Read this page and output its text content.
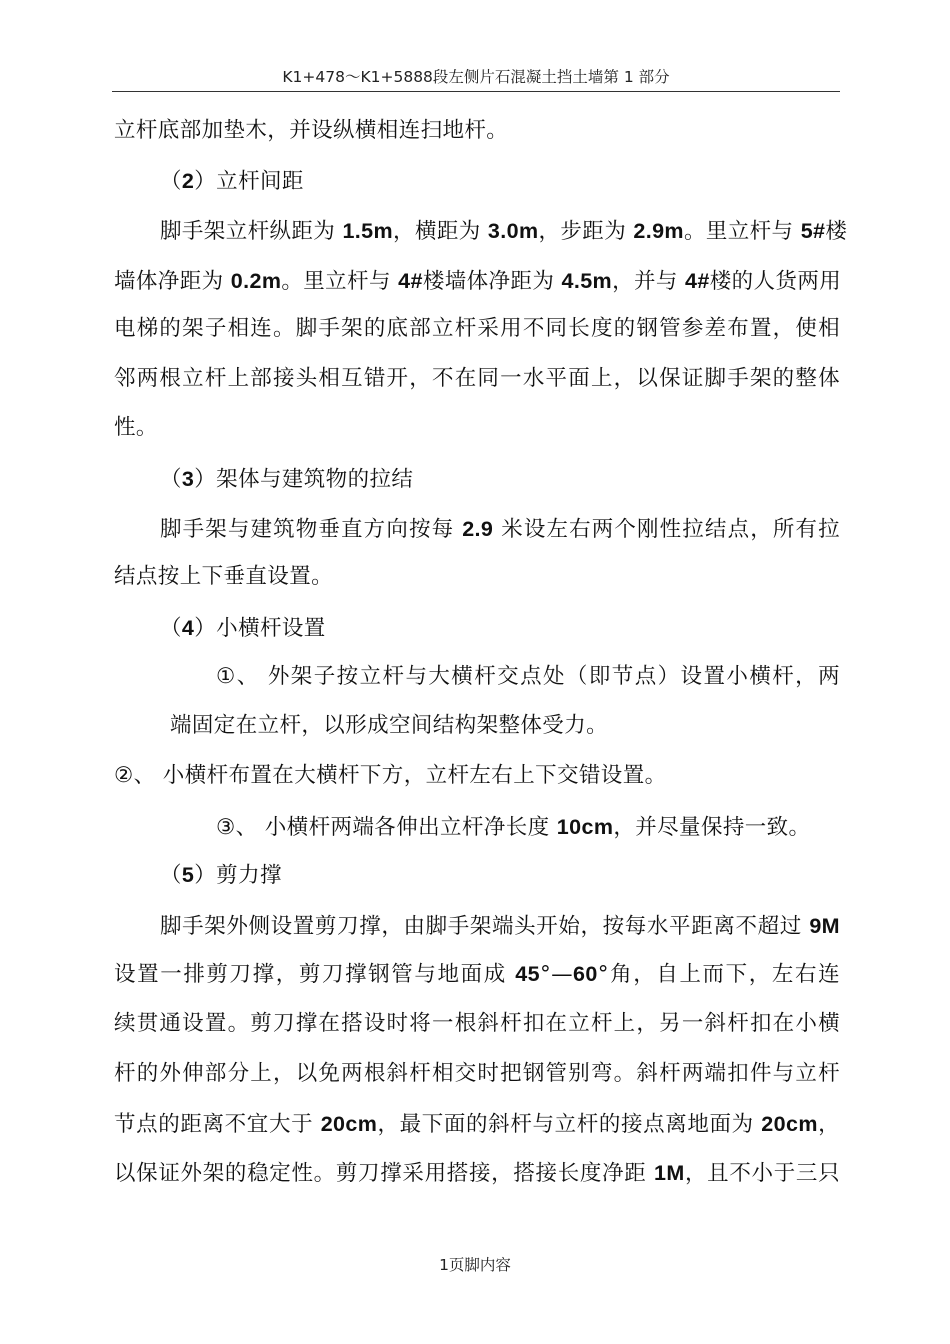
K1+478～K1+5888段左侧片石混凝土挡土墙第 1 部分
立杆底部加垫木，并设纵横相连扫地杆。
（2）立杆间距
脚手架立杆纵距为 1.5m，横距为 3.0m，步距为 2.9m。里立杆与 5#楼
墙体净距为 0.2m。里立杆与 4#楼墙体净距为 4.5m，并与 4#楼的人货两用
电梯的架子相连。脚手架的底部立杆采用不同长度的钢管参差布置，使相
邻两根立杆上部接头相互错开，不在同一水平面上，以保证脚手架的整体
性。
（3）架体与建筑物的拉结
脚手架与建筑物垂直方向按每 2.9 米设左右两个刚性拉结点，所有拉
结点按上下垂直设置。
（4）小横杆设置
①、 外架子按立杆与大横杆交点处（即节点）设置小横杆，两
端固定在立杆，以形成空间结构架整体受力。
②、 小横杆布置在大横杆下方，立杆左右上下交错设置。
③、 小横杆两端各伸出立杆净长度 10cm，并尽量保持一致。
（5）剪力撑
脚手架外侧设置剪刀撑，由脚手架端头开始，按每水平距离不超过 9M
设置一排剪刀撑，剪刀撑钢管与地面成 45°—60°角，自上而下，左右连
续贯通设置。剪刀撑在搭设时将一根斜杆扣在立杆上，另一斜杆扣在小横
杆的外伸部分上，以免两根斜杆相交时把钢管别弯。斜杆两端扣件与立杆
节点的距离不宜大于 20cm，最下面的斜杆与立杆的接点离地面为 20cm，
以保证外架的稳定性。剪刀撑采用搭接，搭接长度净距 1M，且不小于三只
1页脚内容
